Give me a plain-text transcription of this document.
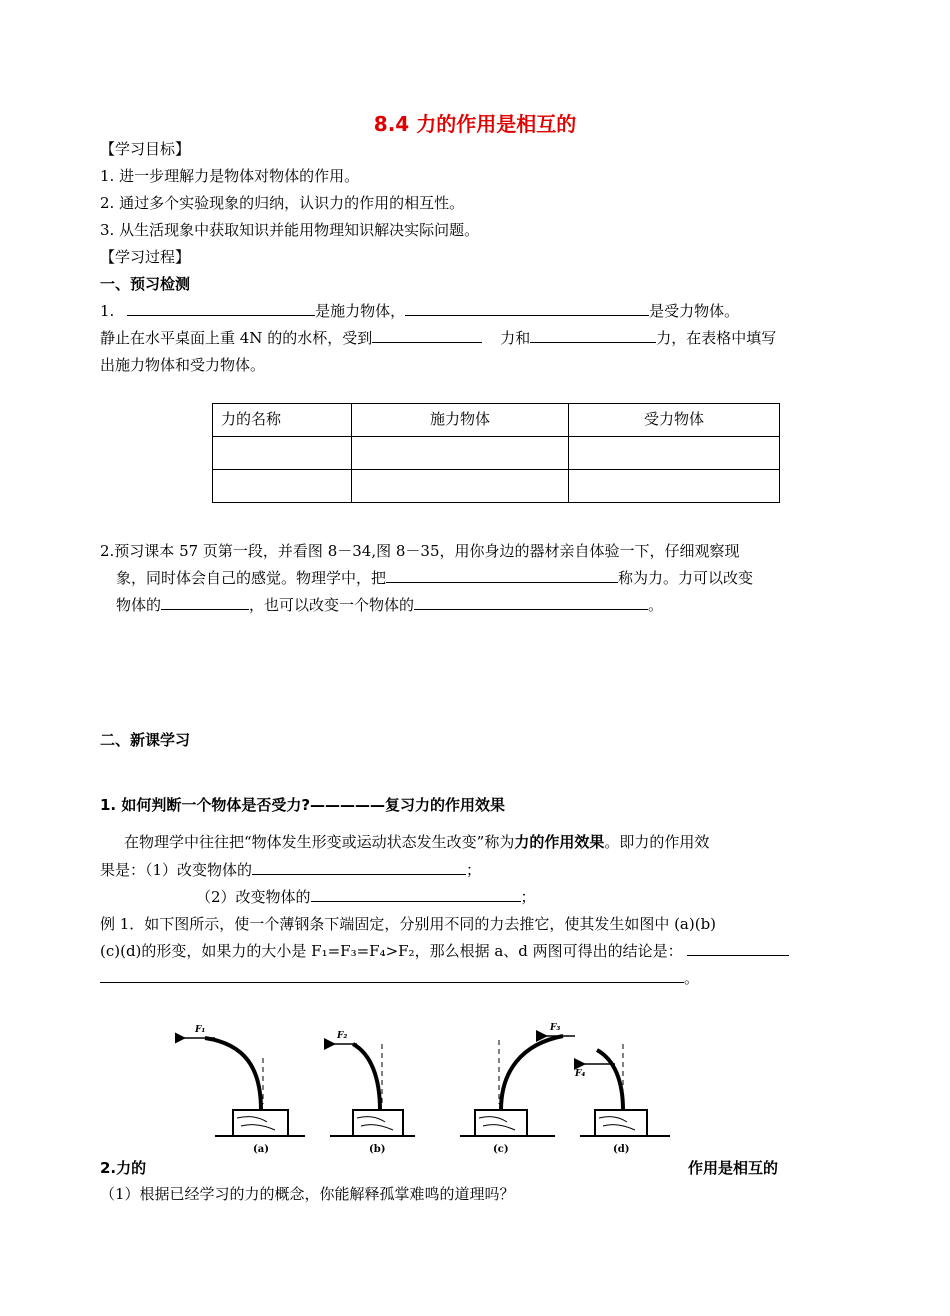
8.4 力的作用是相互的
【学习目标】
1. 进一步理解力是物体对物体的作用。
2. 通过多个实验现象的归纳，认识力的作用的相互性。
3. 从生活现象中获取知识并能用物理知识解决实际问题。
【学习过程】
一、预习检测
1.	是施力物体，	是受力物体。
静止在水平桌面上重 4N 的的水杯，受到	力和	力，在表格中填写
出施力物体和受力物体。
力的名称	施力物体	受力物体

2.预习课本 57 页第一段，并看图 8－34,图 8－35，用你身边的器材亲自体验一下，仔细观察现
象，同时体会自己的感觉。物理学中，把	称为力。力可以改变
物体的	，也可以改变一个物体的	。
二、新课学习
1. 如何判断一个物体是否受力?—————复习力的作用效果
在物理学中往往把“物体发生形变或运动状态发生改变”称为力的作用效果。即力的作用效
果是：（1）改变物体的	；
（2）改变物体的	；
例 1．如下图所示，使一个薄钢条下端固定，分别用不同的力去推它，使其发生如图中 (a)(b)
(c)(d)的形变，如果力的大小是 F₁=F₃=F₄>F₂，那么根据 a、d 两图可得出的结论是：
。
F₁
F₂
F₃
F₄
(a)	(b)	(c)	(d)
2.力的	作用是相互的
（1）根据已经学习的力的概念，你能解释孤掌难鸣的道理吗？
